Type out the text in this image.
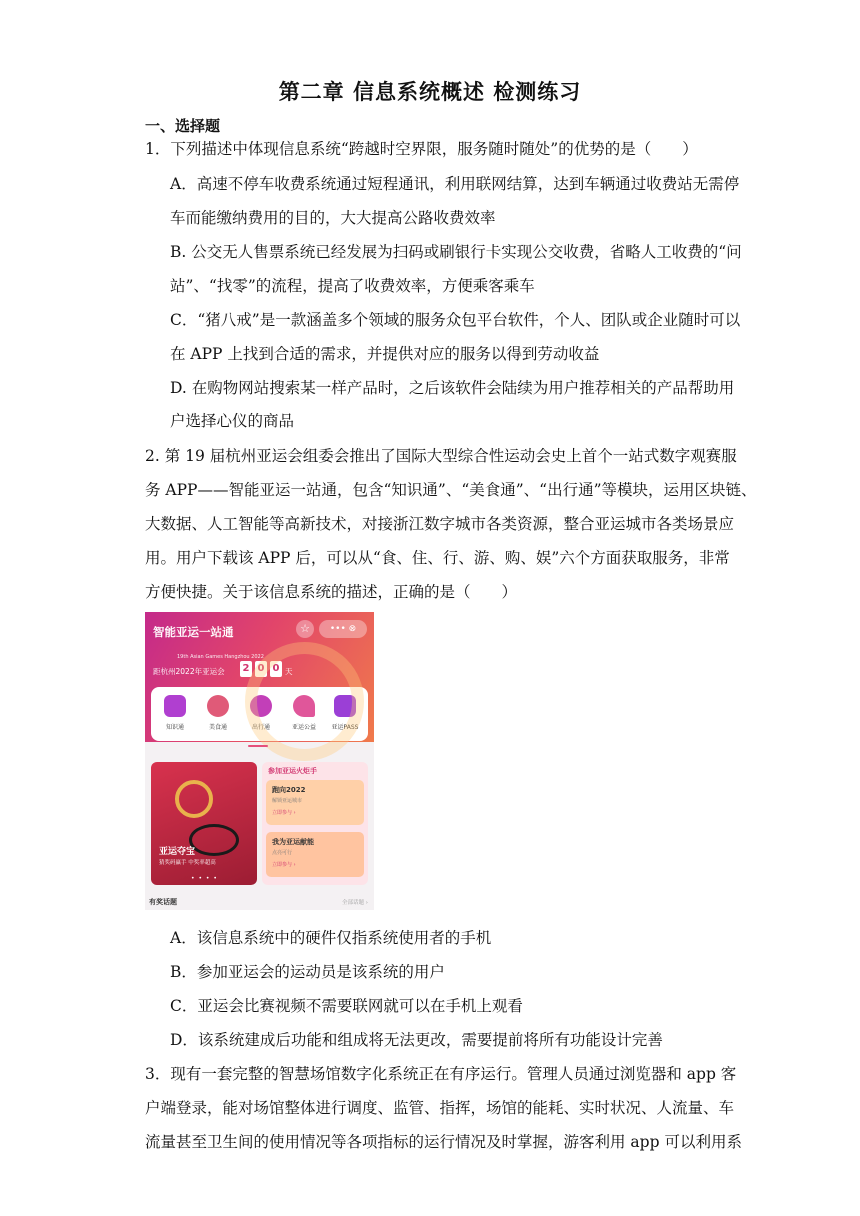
第二章 信息系统概述 检测练习
一、选择题
1．下列描述中体现信息系统“跨越时空界限，服务随时随处”的优势的是（　　）
A．高速不停车收费系统通过短程通讯，利用联网结算，达到车辆通过收费站无需停
车而能缴纳费用的目的，大大提高公路收费效率
B. 公交无人售票系统已经发展为扫码或刷银行卡实现公交收费，省略人工收费的“问
站”、“找零”的流程，提高了收费效率，方便乘客乘车
C．“猪八戒”是一款涵盖多个领域的服务众包平台软件，个人、团队或企业随时可以
在 APP 上找到合适的需求，并提供对应的服务以得到劳动收益
D. 在购物网站搜索某一样产品时，之后该软件会陆续为用户推荐相关的产品帮助用
户选择心仪的商品
2. 第 19 届杭州亚运会组委会推出了国际大型综合性运动会史上首个一站式数字观赛服
务 APP——智能亚运一站通，包含“知识通”、“美食通”、“出行通”等模块，运用区块链、
大数据、人工智能等高新技术，对接浙江数字城市各类资源，整合亚运城市各类场景应
用。用户下载该 APP 后，可以从“食、住、行、游、购、娱”六个方面获取服务，非常
方便快捷。关于该信息系统的描述，正确的是（　　）
智能亚运一站通	☆	••• ⊗
19th Asian Games Hangzhou 2022
距杭州2022年亚运会 2 0 0 天
知识通	美食通	出行通	亚运公益	亚运PASS
亚运夺宝
猜奖码赢手 中奖率超高
• • • •
参加亚运火炬手
跑向2022
解锁亚运城市
立即参与 ›
我为亚运献能
点亮可行
立即参与 ›
有奖话题	全部话题 ›
A．该信息系统中的硬件仅指系统使用者的手机
B．参加亚运会的运动员是该系统的用户
C．亚运会比赛视频不需要联网就可以在手机上观看
D．该系统建成后功能和组成将无法更改，需要提前将所有功能设计完善
3．现有一套完整的智慧场馆数字化系统正在有序运行。管理人员通过浏览器和 app 客
户端登录，能对场馆整体进行调度、监管、指挥，场馆的能耗、实时状况、人流量、车
流量甚至卫生间的使用情况等各项指标的运行情况及时掌握，游客利用 app 可以利用系
